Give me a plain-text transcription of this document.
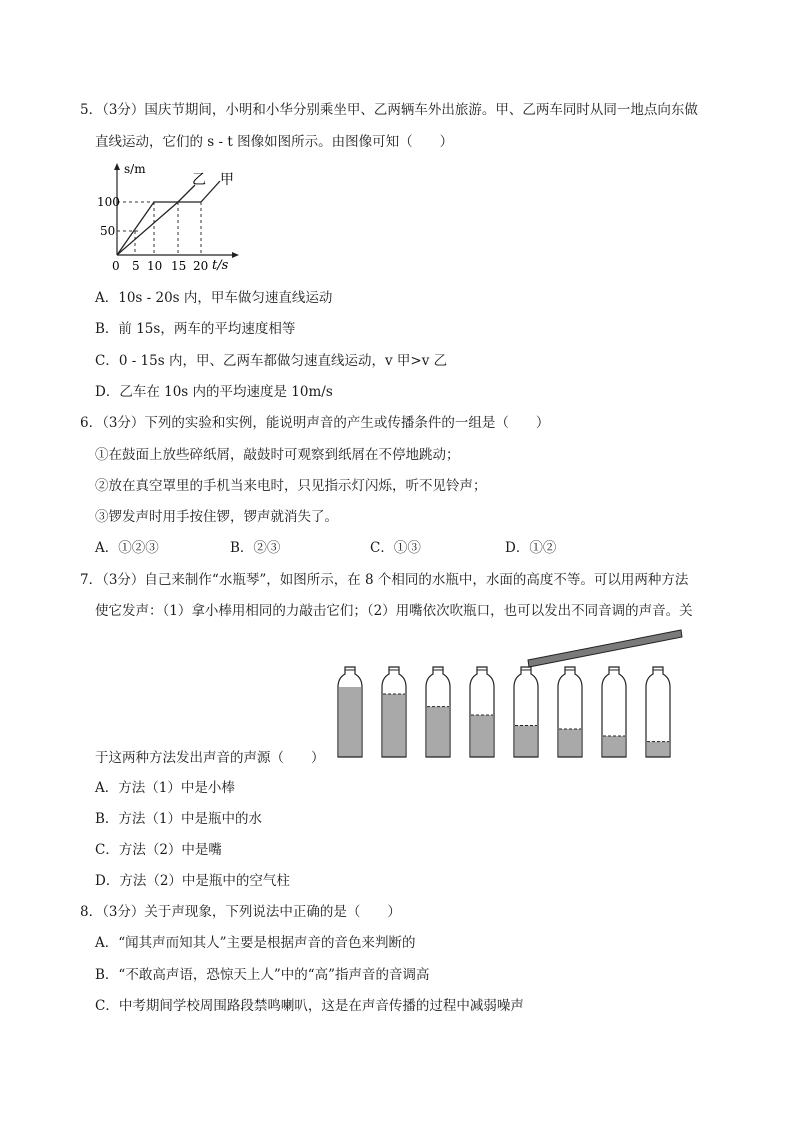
5．（3分）国庆节期间，小明和小华分别乘坐甲、乙两辆车外出旅游。甲、乙两车同时从同一地点向东做
直线运动，它们的 s - t 图像如图所示。由图像可知（　　）
s/m
t/s
100
50
0 5 10 15 20
乙 甲
A．10s - 20s 内，甲车做匀速直线运动
B．前 15s，两车的平均速度相等
C．0 - 15s 内，甲、乙两车都做匀速直线运动，v 甲>v 乙
D．乙车在 10s 内的平均速度是 10m/s
6．（3分）下列的实验和实例，能说明声音的产生或传播条件的一组是（　　）
①在鼓面上放些碎纸屑，敲鼓时可观察到纸屑在不停地跳动；
②放在真空罩里的手机当来电时，只见指示灯闪烁，听不见铃声；
③锣发声时用手按住锣，锣声就消失了。
A．①②③	B．②③	C．①③	D．①②
7．（3分）自己来制作“水瓶琴”，如图所示，在 8 个相同的水瓶中，水面的高度不等。可以用两种方法
使它发声：（1）拿小棒用相同的力敲击它们；（2）用嘴依次吹瓶口，也可以发出不同音调的声音。关
于这两种方法发出声音的声源（　　）
A．方法（1）中是小棒
B．方法（1）中是瓶中的水
C．方法（2）中是嘴
D．方法（2）中是瓶中的空气柱
8．（3分）关于声现象，下列说法中正确的是（　　）
A．“闻其声而知其人”主要是根据声音的音色来判断的
B．“不敢高声语，恐惊天上人”中的“高”指声音的音调高
C．中考期间学校周围路段禁鸣喇叭，这是在声音传播的过程中减弱噪声
